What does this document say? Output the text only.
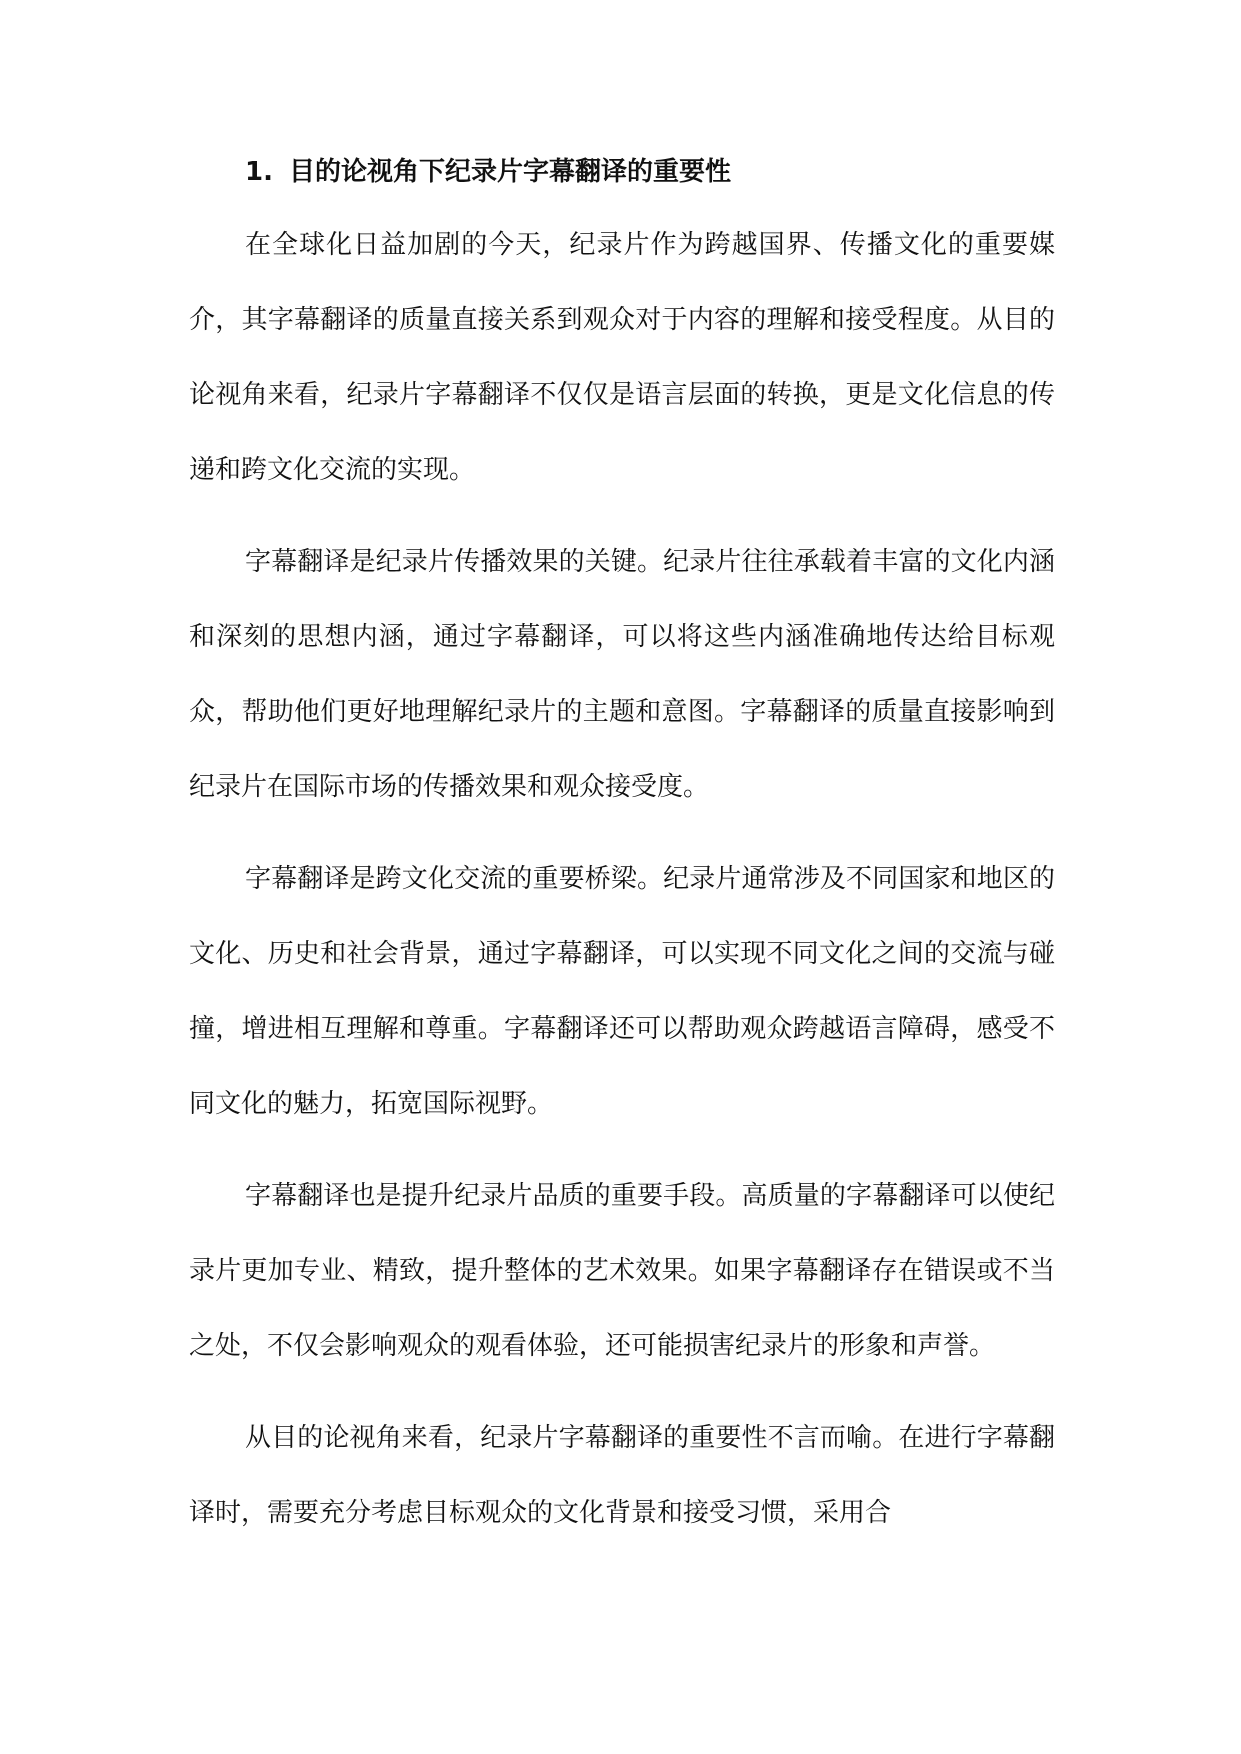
1. 目的论视角下纪录片字幕翻译的重要性

在全球化日益加剧的今天，纪录片作为跨越国界、传播文化的重要媒介，其字幕翻译的质量直接关系到观众对于内容的理解和接受程度。从目的论视角来看，纪录片字幕翻译不仅仅是语言层面的转换，更是文化信息的传递和跨文化交流的实现。

字幕翻译是纪录片传播效果的关键。纪录片往往承载着丰富的文化内涵和深刻的思想内涵，通过字幕翻译，可以将这些内涵准确地传达给目标观众，帮助他们更好地理解纪录片的主题和意图。字幕翻译的质量直接影响到纪录片在国际市场的传播效果和观众接受度。

字幕翻译是跨文化交流的重要桥梁。纪录片通常涉及不同国家和地区的文化、历史和社会背景，通过字幕翻译，可以实现不同文化之间的交流与碰撞，增进相互理解和尊重。字幕翻译还可以帮助观众跨越语言障碍，感受不同文化的魅力，拓宽国际视野。

字幕翻译也是提升纪录片品质的重要手段。高质量的字幕翻译可以使纪录片更加专业、精致，提升整体的艺术效果。如果字幕翻译存在错误或不当之处，不仅会影响观众的观看体验，还可能损害纪录片的形象和声誉。

从目的论视角来看，纪录片字幕翻译的重要性不言而喻。在进行字幕翻译时，需要充分考虑目标观众的文化背景和接受习惯，采用合
